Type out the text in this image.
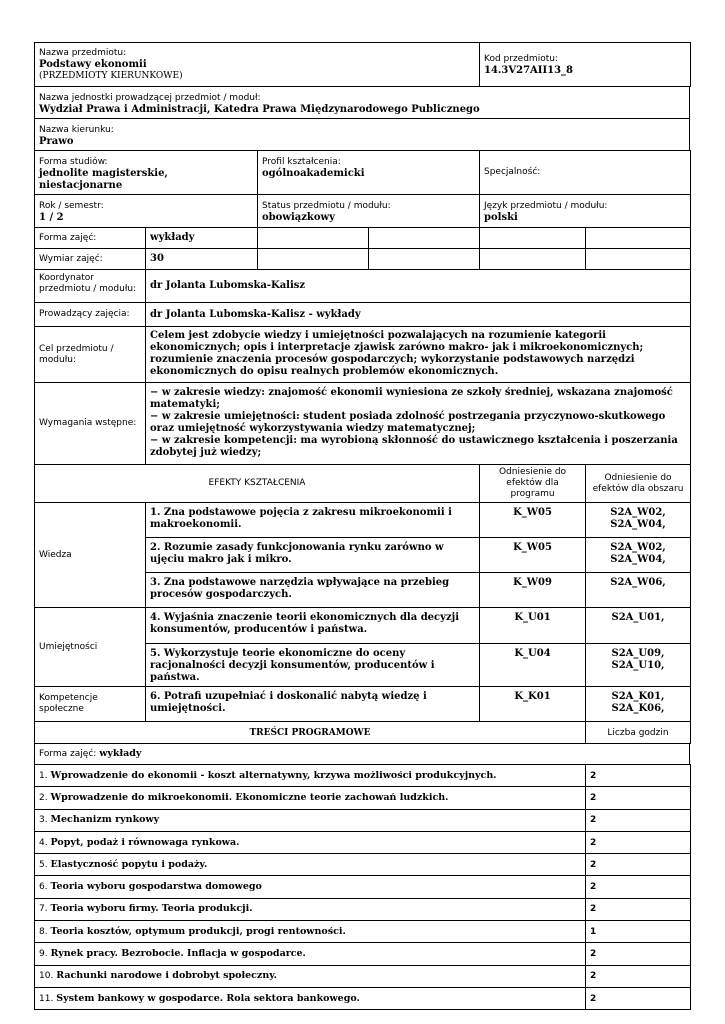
Nazwa przedmiotu:
Podstawy ekonomii
(PRZEDMIOTY KIERUNKOWE)

Kod przedmiotu:
14.3V27AII13_8
Nazwa jednostki prowadzącej przedmiot / moduł:
Wydział Prawa i Administracji, Katedra Prawa Międzynarodowego Publicznego
Nazwa kierunku:
Prawo
Forma studiów:
jednolite magisterskie, niestacjonarne

Profil kształcenia:
ogólnoakademicki	Specjalność:
Rok / semestr:
1 / 2

Status przedmiotu / modułu:
obowiązkowy

Język przedmiotu / modułu:
polski
Forma zajęć:	wykłady				
Wymiar zajęć:	30				
Koordynator przedmiotu / modułu:	dr Jolanta Lubomska-Kalisz
Prowadzący zajęcia:	dr Jolanta Lubomska-Kalisz - wykłady
Cel przedmiotu / modułu:	Celem jest zdobycie wiedzy i umiejętności pozwalających na rozumienie kategorii ekonomicznych; opis i interpretacje zjawisk zarówno makro- jak i mikroekonomicznych; rozumienie znaczenia procesów gospodarczych; wykorzystanie podstawowych narzędzi ekonomicznych do opisu realnych problemów ekonomicznych.
Wymagania wstępne:	− w zakresie wiedzy: znajomość ekonomii wyniesiona ze szkoły średniej, wskazana znajomość matematyki;
− w zakresie umiejętności: student posiada zdolność postrzegania przyczynowo-skutkowego oraz umiejętność wykorzystywania wiedzy matematycznej;
− w zakresie kompetencji: ma wyrobioną skłonność do ustawicznego kształcenia i poszerzania zdobytej już wiedzy;
EFEKTY KSZTAŁCENIA		Odniesienie do efektów dla programu	Odniesienie do efektów dla obszaru
Wiedza	1. Zna podstawowe pojęcia z zakresu mikroekonomii i makroekonomii.	K_W05	S2A_W02, S2A_W04,
	2. Rozumie zasady funkcjonowania rynku zarówno w ujęciu makro jak i mikro.	K_W05	S2A_W02, S2A_W04,
	3. Zna podstawowe narzędzia wpływające na przebieg procesów gospodarczych.	K_W09	S2A_W06,
Umiejętności	4. Wyjaśnia znaczenie teorii ekonomicznych dla decyzji konsumentów, producentów i państwa.	K_U01	S2A_U01,
	5. Wykorzystuje teorie ekonomiczne do oceny racjonalności decyzji konsumentów, producentów i państwa.	K_U04	S2A_U09, S2A_U10,
Kompetencje społeczne	6. Potrafi uzupełniać i doskonalić nabytą wiedzę i umiejętności.	K_K01	S2A_K01, S2A_K06,
TREŚCI PROGRAMOWE	Liczba godzin
Forma zajęć: wykłady
1. Wprowadzenie do ekonomii - koszt alternatywny, krzywa możliwości produkcyjnych.	2
2. Wprowadzenie do mikroekonomii. Ekonomiczne teorie zachowań ludzkich.	2
3. Mechanizm rynkowy	2
4. Popyt, podaż i równowaga rynkowa.	2
5. Elastyczność popytu i podaży.	2
6. Teoria wyboru gospodarstwa domowego	2
7. Teoria wyboru firmy. Teoria produkcji.	2
8. Teoria kosztów, optymum produkcji, progi rentowności.	1
9. Rynek pracy. Bezrobocie. Inflacja w gospodarce.	2
10. Rachunki narodowe i dobrobyt społeczny.	2
11. System bankowy w gospodarce. Rola sektora bankowego.	2
